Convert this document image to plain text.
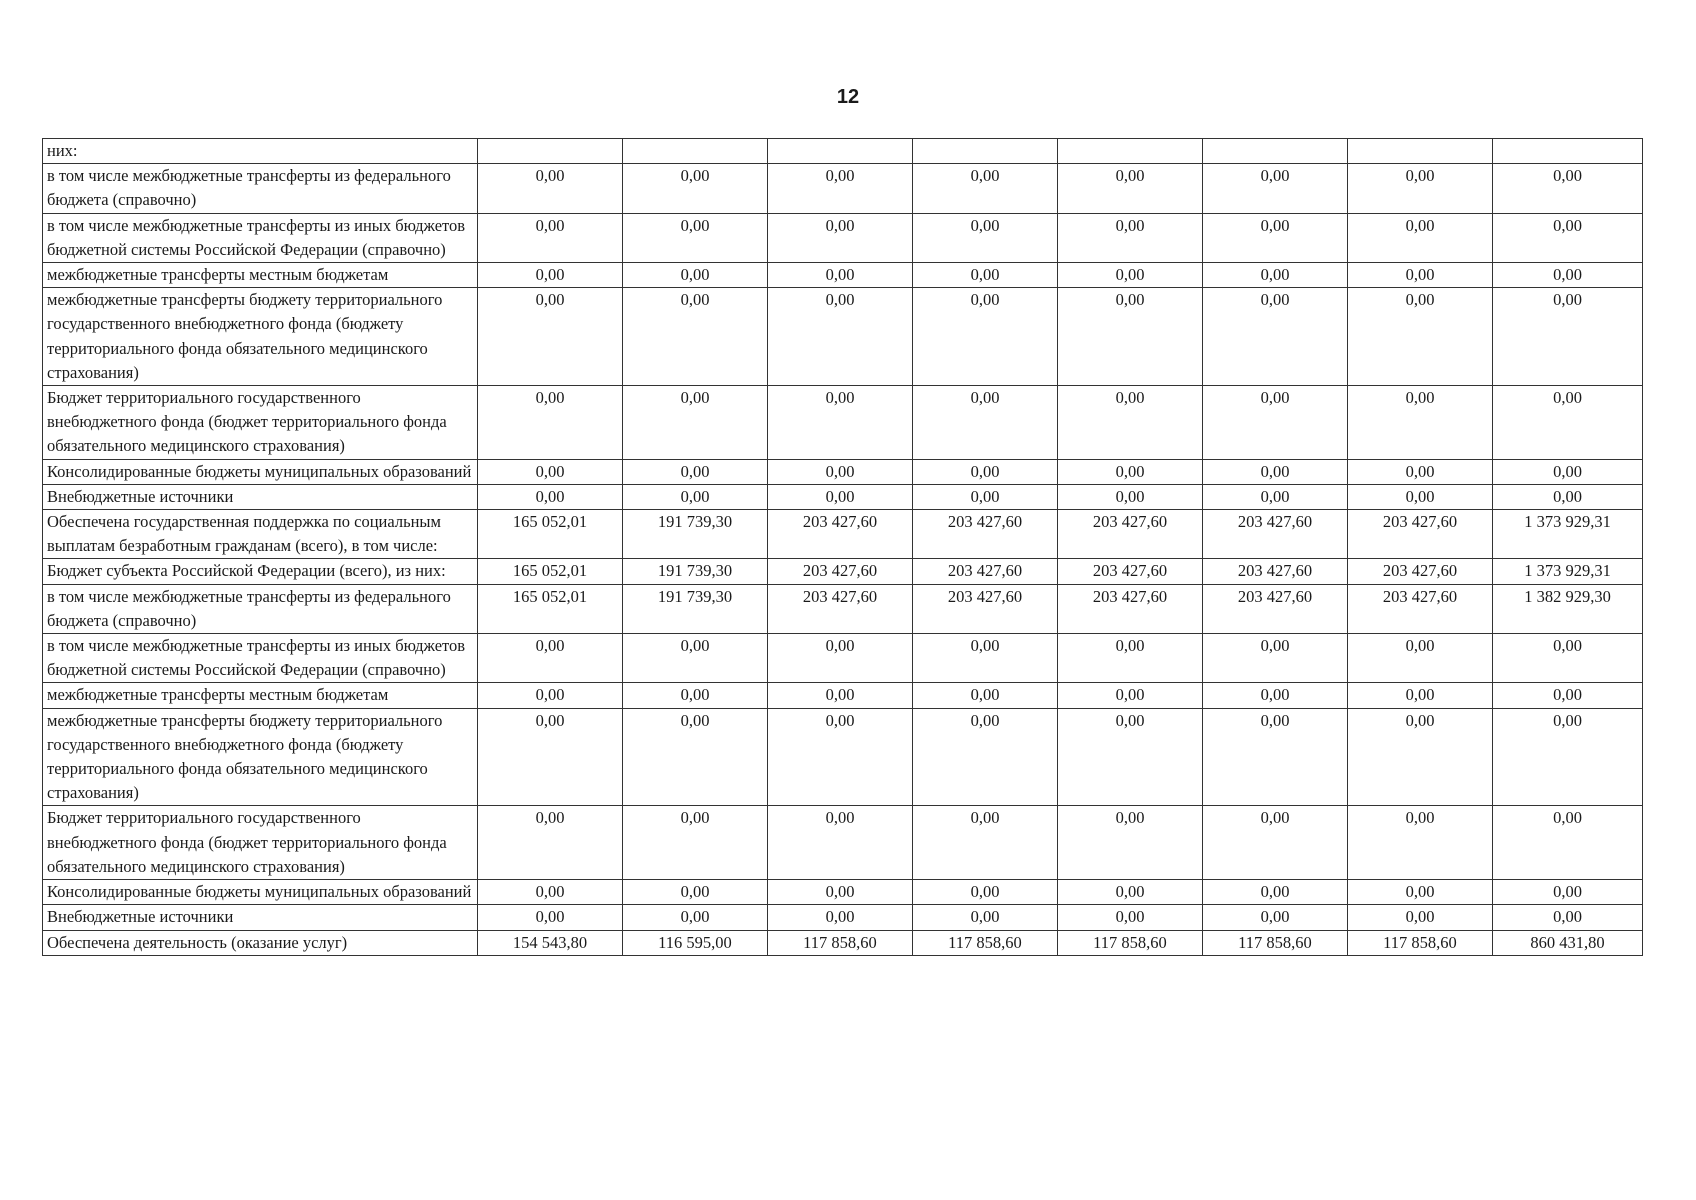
12
них:								
в том числе межбюджетные трансферты из федерального бюджета (справочно)	0,00	0,00	0,00	0,00	0,00	0,00	0,00	0,00
в том числе межбюджетные трансферты из иных бюджетов бюджетной системы Российской Федерации (справочно)	0,00	0,00	0,00	0,00	0,00	0,00	0,00	0,00
межбюджетные трансферты местным бюджетам	0,00	0,00	0,00	0,00	0,00	0,00	0,00	0,00
межбюджетные трансферты бюджету территориального государственного внебюджетного фонда (бюджету территориального фонда обязательного медицинского страхования)	0,00	0,00	0,00	0,00	0,00	0,00	0,00	0,00
Бюджет территориального государственного внебюджетного фонда (бюджет территориального фонда обязательного медицинского страхования)	0,00	0,00	0,00	0,00	0,00	0,00	0,00	0,00
Консолидированные бюджеты муниципальных образований	0,00	0,00	0,00	0,00	0,00	0,00	0,00	0,00
Внебюджетные источники	0,00	0,00	0,00	0,00	0,00	0,00	0,00	0,00
Обеспечена государственная поддержка по социальным выплатам безработным гражданам (всего), в том числе:	165 052,01	191 739,30	203 427,60	203 427,60	203 427,60	203 427,60	203 427,60	1 373 929,31
Бюджет субъекта Российской Федерации (всего), из них:	165 052,01	191 739,30	203 427,60	203 427,60	203 427,60	203 427,60	203 427,60	1 373 929,31
в том числе межбюджетные трансферты из федерального бюджета (справочно)	165 052,01	191 739,30	203 427,60	203 427,60	203 427,60	203 427,60	203 427,60	1 382 929,30
в том числе межбюджетные трансферты из иных бюджетов бюджетной системы Российской Федерации (справочно)	0,00	0,00	0,00	0,00	0,00	0,00	0,00	0,00
межбюджетные трансферты местным бюджетам	0,00	0,00	0,00	0,00	0,00	0,00	0,00	0,00
межбюджетные трансферты бюджету территориального государственного внебюджетного фонда (бюджету территориального фонда обязательного медицинского страхования)	0,00	0,00	0,00	0,00	0,00	0,00	0,00	0,00
Бюджет территориального государственного внебюджетного фонда (бюджет территориального фонда обязательного медицинского страхования)	0,00	0,00	0,00	0,00	0,00	0,00	0,00	0,00
Консолидированные бюджеты муниципальных образований	0,00	0,00	0,00	0,00	0,00	0,00	0,00	0,00
Внебюджетные источники	0,00	0,00	0,00	0,00	0,00	0,00	0,00	0,00
Обеспечена деятельность (оказание услуг)	154 543,80	116 595,00	117 858,60	117 858,60	117 858,60	117 858,60	117 858,60	860 431,80
